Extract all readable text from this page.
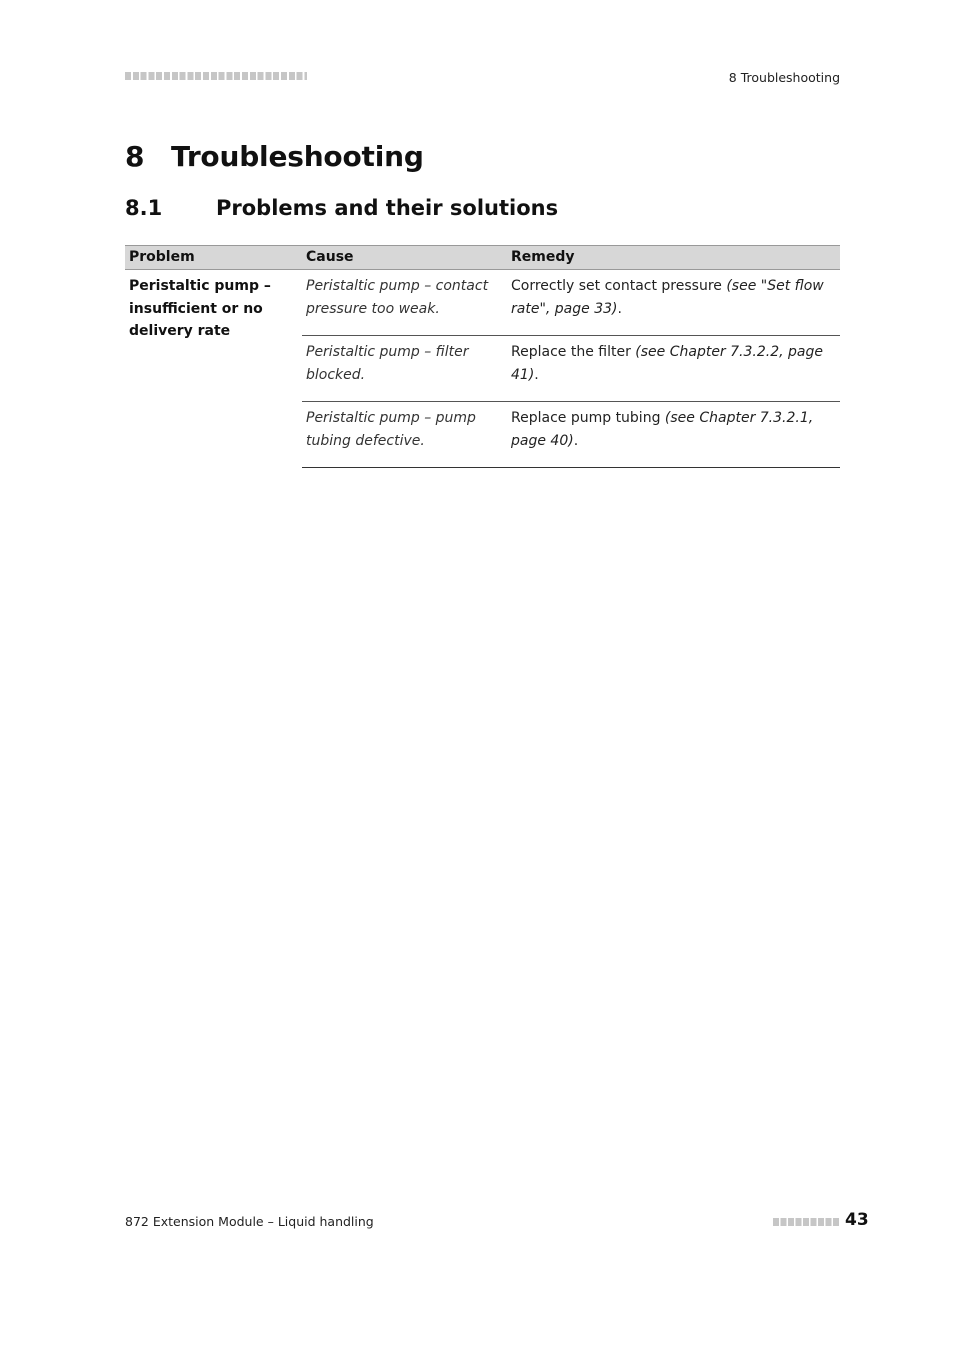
8 Troubleshooting
8 Troubleshooting
8.1	Problems and their solutions
Problem	Cause	Remedy
Peristaltic pump – insufficient or no delivery rate	Peristaltic pump – contact pressure too weak.	Correctly set contact pressure (see "Set flow rate", page 33).
	Peristaltic pump – filter blocked.	Replace the filter (see Chapter 7.3.2.2, page 41).
	Peristaltic pump – pump tubing defective.	Replace pump tubing (see Chapter 7.3.2.1, page 40).
872 Extension Module – Liquid handling	43
